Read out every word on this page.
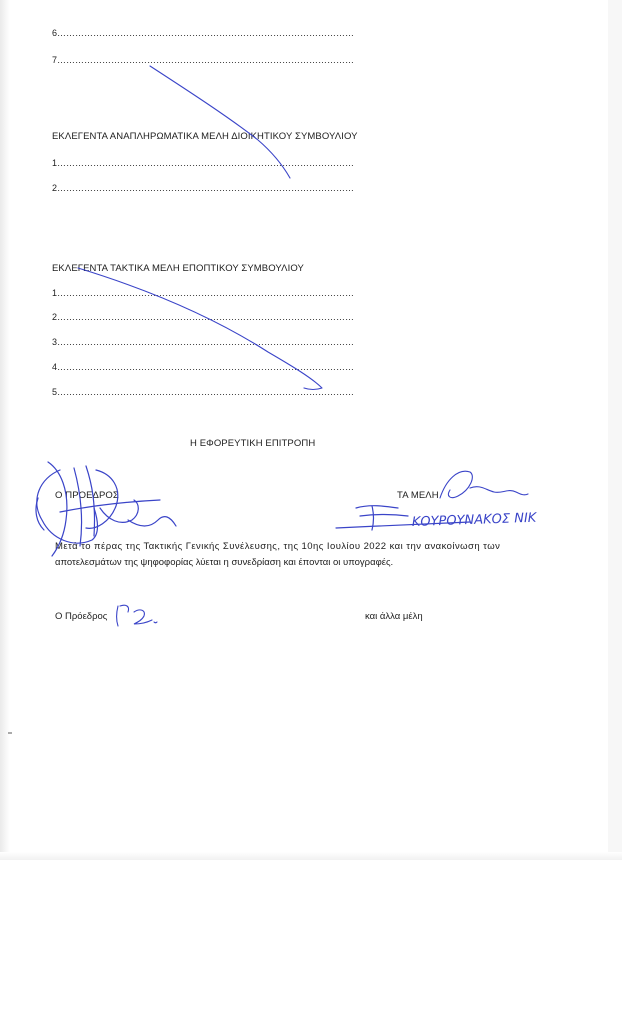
6………………………………………………………………………………………
7………………………………………………………………………………………
ΕΚΛΕΓΕΝΤΑ ΑΝΑΠΛΗΡΩΜΑΤΙΚΑ ΜΕΛΗ ΔΙΟΙΚΗΤΙΚΟΥ ΣΥΜΒΟΥΛΙΟΥ
1………………………………………………………………………………………
2………………………………………………………………………………………
ΕΚΛΕΓΕΝΤΑ ΤΑΚΤΙΚΑ ΜΕΛΗ ΕΠΟΠΤΙΚΟΥ ΣΥΜΒΟΥΛΙΟΥ
1………………………………………………………………………………………
2………………………………………………………………………………………
3………………………………………………………………………………………
4………………………………………………………………………………………
5………………………………………………………………………………………
Η ΕΦΟΡΕΥΤΙΚΗ ΕΠΙΤΡΟΠΗ
Ο ΠΡΟΕΔΡΟΣ	ΤΑ ΜΕΛΗ
Μετά το πέρας της Τακτικής Γενικής Συνέλευσης, της 10ης Ιουλίου 2022 και την ανακοίνωση των
αποτελεσμάτων της ψηφοφορίας λύεται η συνεδρίαση και έπονται οι υπογραφές.
Ο Πρόεδρος	και άλλα μέλη
ΚΟΥΡΟΥΝΑΚΟΣ ΝΙΚ
